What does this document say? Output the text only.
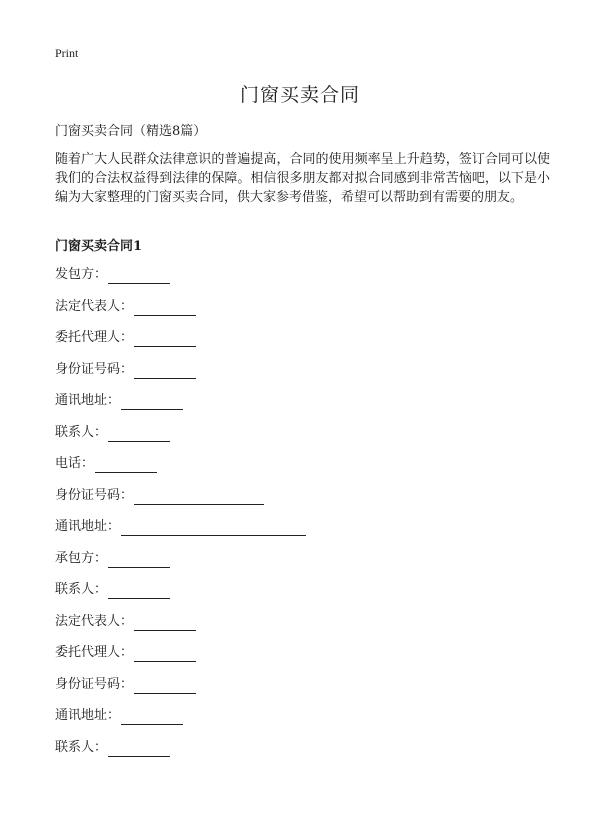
Print
门窗买卖合同

门窗买卖合同（精选8篇）

随着广大人民群众法律意识的普遍提高，合同的使用频率呈上升趋势，签订合同可以使我们的合法权益得到法律的保障。相信很多朋友都对拟合同感到非常苦恼吧，以下是小编为大家整理的门窗买卖合同，供大家参考借鉴，希望可以帮助到有需要的朋友。

门窗买卖合同1
发包方：
法定代表人：
委托代理人：
身份证号码：
通讯地址：
联系人：
电话：
身份证号码：
通讯地址：
承包方：
联系人：
法定代表人：
委托代理人：
身份证号码：
通讯地址：
联系人：
